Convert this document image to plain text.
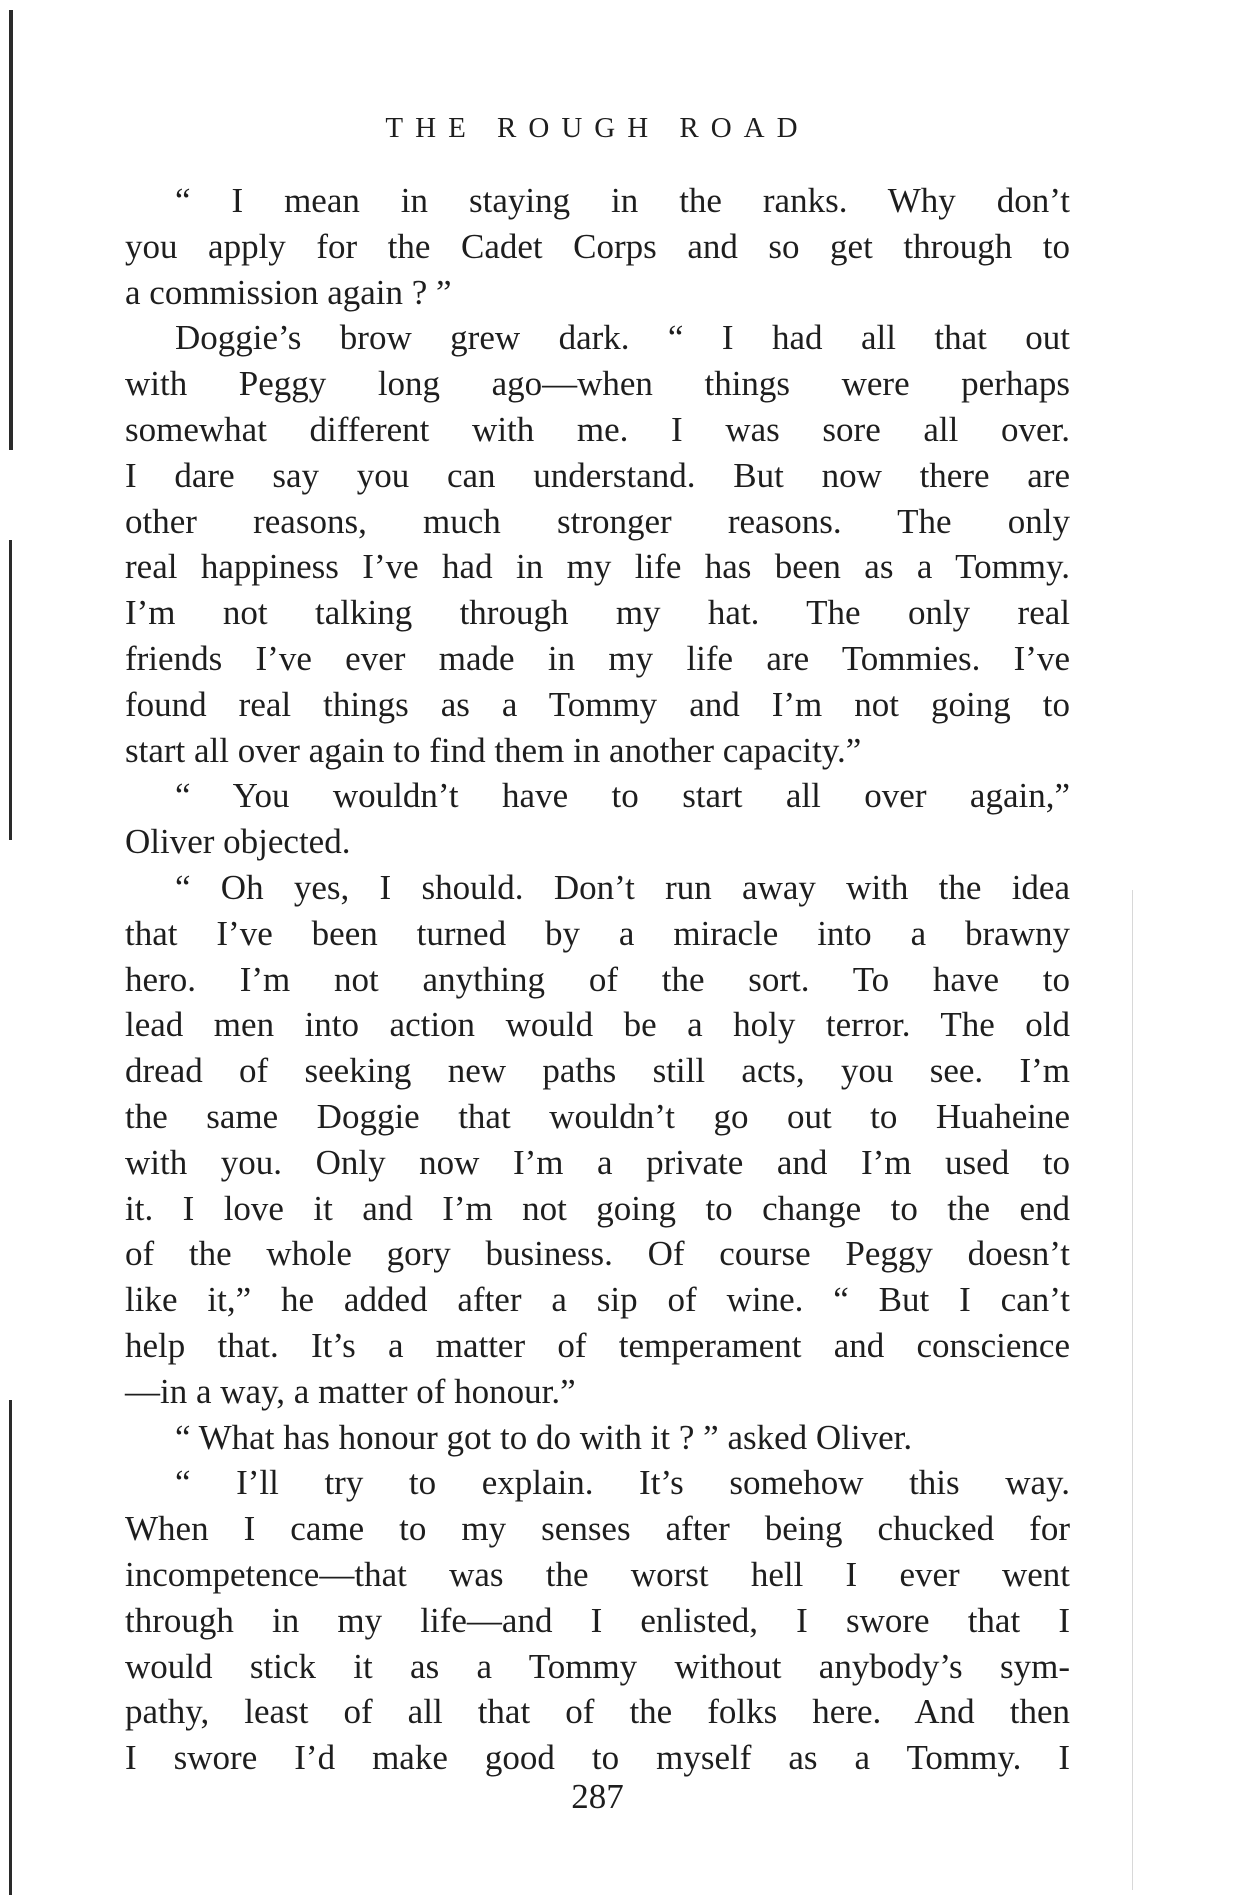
THE ROUGH ROAD
“ I mean in staying in the ranks. Why don’t
you apply for the Cadet Corps and so get through to
a commission again ? ”
Doggie’s brow grew dark. “ I had all that out
with Peggy long ago—when things were perhaps
somewhat different with me. I was sore all over.
I dare say you can understand. But now there are
other reasons, much stronger reasons. The only
real happiness I’ve had in my life has been as a Tommy.
I’m not talking through my hat. The only real
friends I’ve ever made in my life are Tommies. I’ve
found real things as a Tommy and I’m not going to
start all over again to find them in another capacity.”
“ You wouldn’t have to start all over again,”
Oliver objected.
“ Oh yes, I should. Don’t run away with the idea
that I’ve been turned by a miracle into a brawny
hero. I’m not anything of the sort. To have to
lead men into action would be a holy terror. The old
dread of seeking new paths still acts, you see. I’m
the same Doggie that wouldn’t go out to Huaheine
with you. Only now I’m a private and I’m used to
it. I love it and I’m not going to change to the end
of the whole gory business. Of course Peggy doesn’t
like it,” he added after a sip of wine. “ But I can’t
help that. It’s a matter of temperament and conscience
—in a way, a matter of honour.”
“ What has honour got to do with it ? ” asked Oliver.
“ I’ll try to explain. It’s somehow this way.
When I came to my senses after being chucked for
incompetence—that was the worst hell I ever went
through in my life—and I enlisted, I swore that I
would stick it as a Tommy without anybody’s sym-
pathy, least of all that of the folks here. And then
I swore I’d make good to myself as a Tommy. I
287
